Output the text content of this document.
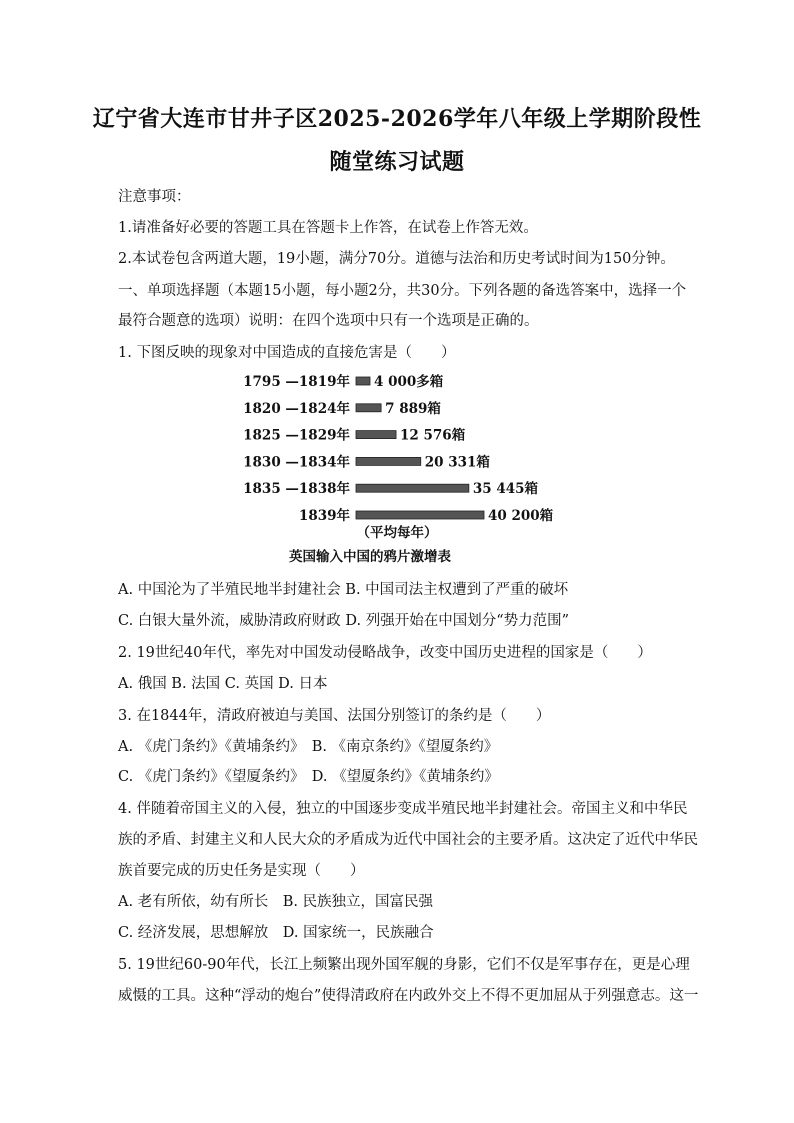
辽宁省大连市甘井子区2025-2026学年八年级上学期阶段性
随堂练习试题
注意事项：
1.请准备好必要的答题工具在答题卡上作答，在试卷上作答无效。
2.本试卷包含两道大题，19小题，满分70分。道德与法治和历史考试时间为150分钟。
一、单项选择题（本题15小题，每小题2分，共30分。下列各题的备选答案中，选择一个
最符合题意的选项）说明：在四个选项中只有一个选项是正确的。
1. 下图反映的现象对中国造成的直接危害是（　　）
1795 —1819年 4 000多箱
1820 —1824年	7 889箱
1825 —1829年	12 576箱
1830 —1834年	20 331箱
1835 —1838年	35 445箱
1839年	40 200箱
（平均每年）
英国输入中国的鸦片激增表
A. 中国沦为了半殖民地半封建社会 B. 中国司法主权遭到了严重的破坏
C. 白银大量外流，威胁清政府财政 D. 列强开始在中国划分“势力范围”
2. 19世纪40年代，率先对中国发动侵略战争，改变中国历史进程的国家是（　　）
A. 俄国 B. 法国 C. 英国 D. 日本
3. 在1844年，清政府被迫与美国、法国分别签订的条约是（　　）
A. 《虎门条约》《黄埔条约》　B. 《南京条约》《望厦条约》
C. 《虎门条约》《望厦条约》　D. 《望厦条约》《黄埔条约》
4. 伴随着帝国主义的入侵，独立的中国逐步变成半殖民地半封建社会。帝国主义和中华民
族的矛盾、封建主义和人民大众的矛盾成为近代中国社会的主要矛盾。这决定了近代中华民
族首要完成的历史任务是实现（　　）
A. 老有所依，幼有所长　B. 民族独立，国富民强
C. 经济发展，思想解放　D. 国家统一，民族融合
5. 19世纪60-90年代，长江上频繁出现外国军舰的身影，它们不仅是军事存在，更是心理
威慑的工具。这种“浮动的炮台”使得清政府在内政外交上不得不更加屈从于列强意志。这一
